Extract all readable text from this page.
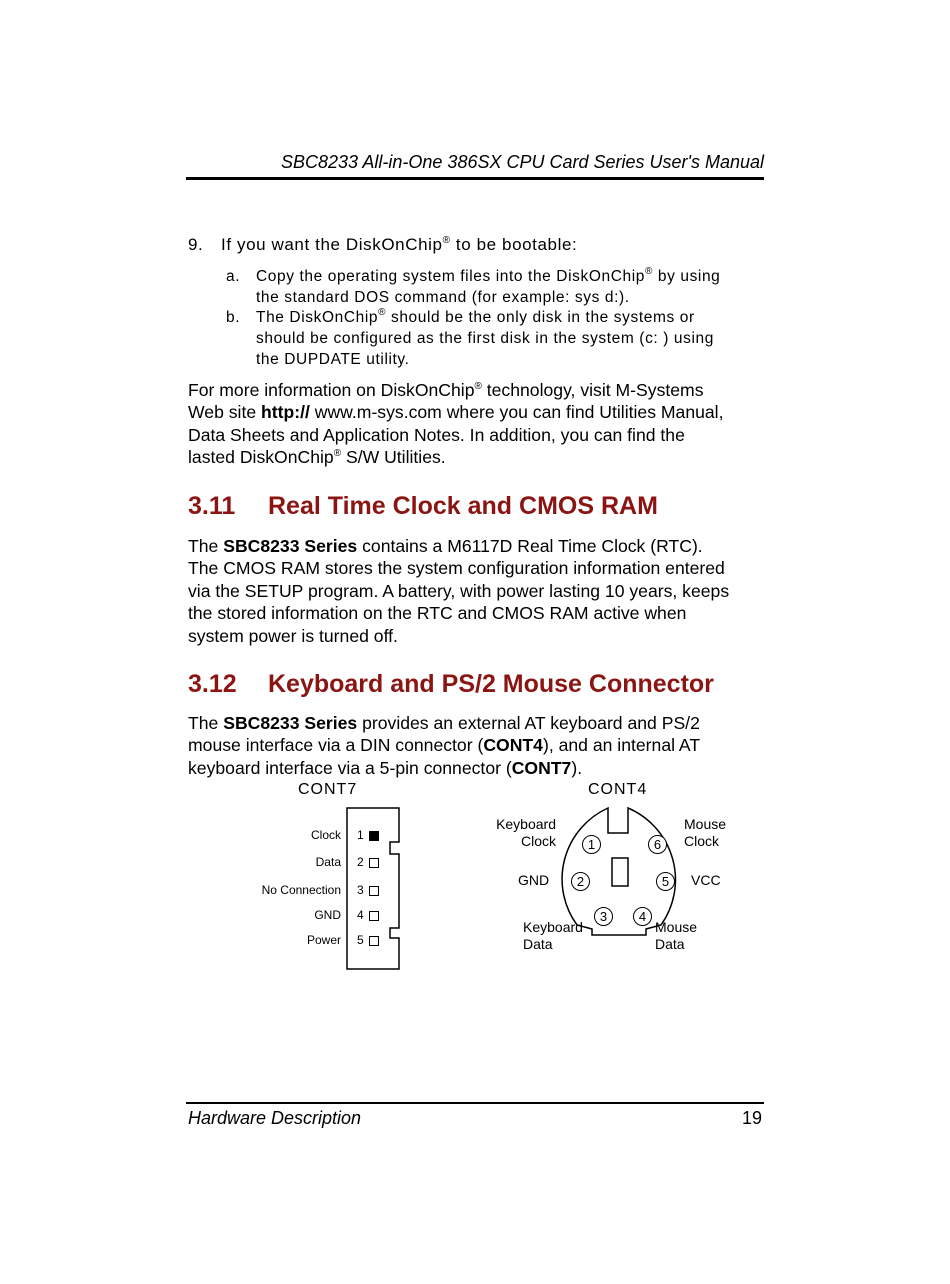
SBC8233 All-in-One 386SX CPU Card Series User's Manual
9. If you want the DiskOnChip® to be bootable:
a. Copy the operating system files into the DiskOnChip® by using
the standard DOS command (for example: sys d:).
b. The DiskOnChip® should be the only disk in the systems or
should be configured as the first disk in the system (c: ) using
the DUPDATE utility.
For more information on DiskOnChip® technology, visit M-Systems
Web site http:// www.m-sys.com where you can find Utilities Manual,
Data Sheets and Application Notes. In addition, you can find the
lasted DiskOnChip® S/W Utilities.
3.11 Real Time Clock and CMOS RAM
The SBC8233 Series contains a M6117D Real Time Clock (RTC).
The CMOS RAM stores the system configuration information entered
via the SETUP program. A battery, with power lasting 10 years, keeps
the stored information on the RTC and CMOS RAM active when
system power is turned off.
3.12 Keyboard and PS/2 Mouse Connector
The SBC8233 Series provides an external AT keyboard and PS/2
mouse interface via a DIN connector (CONT4), and an internal AT
keyboard interface via a 5-pin connector (CONT7).
CONT7
Clock 1
Data 2
No Connection 3
GND 4
Power 5
CONT4
1	6
2	5
3	4
Keyboard
Clock
Mouse
Clock
GND	VCC
Keyboard
Data
Mouse
Data
Hardware Description	19
